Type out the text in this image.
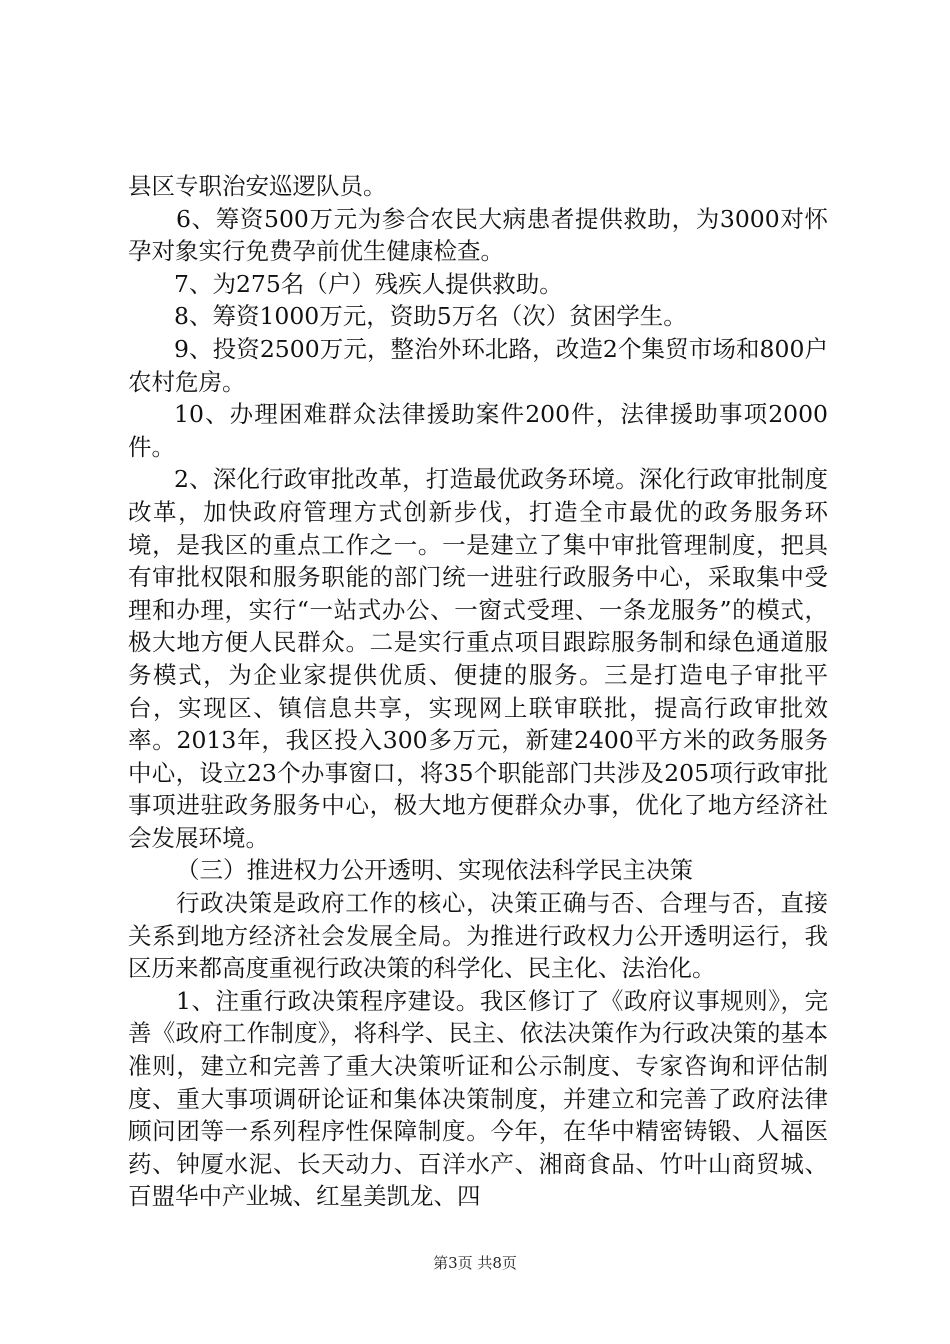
县区专职治安巡逻队员。

6、筹资500万元为参合农民大病患者提供救助，为3000对怀孕对象实行免费孕前优生健康检查。

7、为275名（户）残疾人提供救助。

8、筹资1000万元，资助5万名（次）贫困学生。

9、投资2500万元，整治外环北路，改造2个集贸市场和800户农村危房。

10、办理困难群众法律援助案件200件，法律援助事项2000件。

2、深化行政审批改革，打造最优政务环境。深化行政审批制度改革，加快政府管理方式创新步伐，打造全市最优的政务服务环境，是我区的重点工作之一。一是建立了集中审批管理制度，把具有审批权限和服务职能的部门统一进驻行政服务中心，采取集中受理和办理，实行“一站式办公、一窗式受理、一条龙服务”的模式，极大地方便人民群众。二是实行重点项目跟踪服务制和绿色通道服务模式，为企业家提供优质、便捷的服务。三是打造电子审批平台，实现区、镇信息共享，实现网上联审联批，提高行政审批效率。2013年，我区投入300多万元，新建2400平方米的政务服务中心，设立23个办事窗口，将35个职能部门共涉及205项行政审批事项进驻政务服务中心，极大地方便群众办事，优化了地方经济社会发展环境。

（三）推进权力公开透明、实现依法科学民主决策

行政决策是政府工作的核心，决策正确与否、合理与否，直接关系到地方经济社会发展全局。为推进行政权力公开透明运行，我区历来都高度重视行政决策的科学化、民主化、法治化。

1、注重行政决策程序建设。我区修订了《政府议事规则》，完善《政府工作制度》，将科学、民主、依法决策作为行政决策的基本准则，建立和完善了重大决策听证和公示制度、专家咨询和评估制度、重大事项调研论证和集体决策制度，并建立和完善了政府法律顾问团等一系列程序性保障制度。今年，在华中精密铸锻、人福医药、钟厦水泥、长天动力、百洋水产、湘商食品、竹叶山商贸城、百盟华中产业城、红星美凯龙、四

第3页 共8页
